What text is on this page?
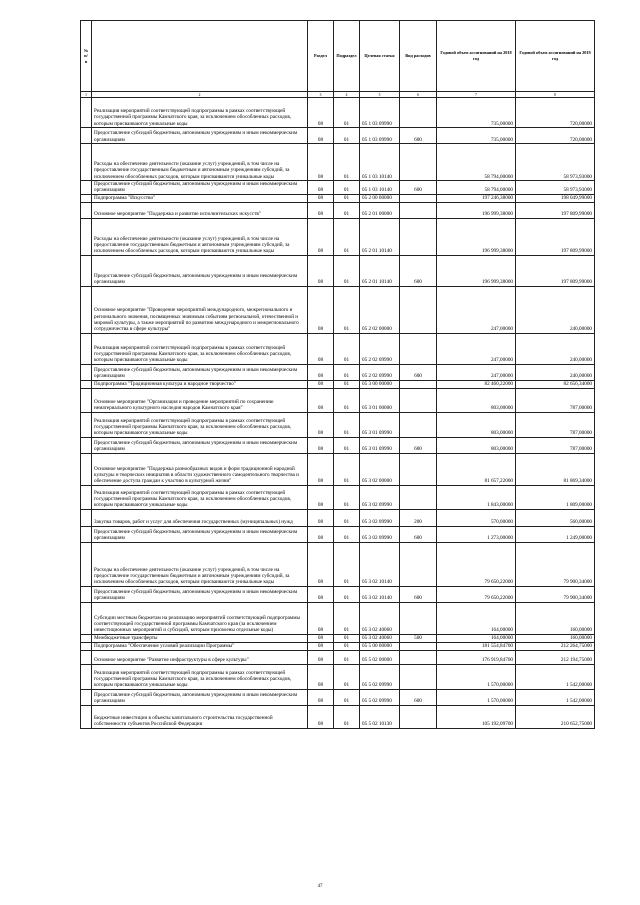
№ п/п		Раздел	Подраздел	Целевая статья	Вид расходов	Годовой объем ассигнований на 2018 год	Годовой объем ассигнований на 2019 год
1	2	3	4	5	6	7	8
	Реализация мероприятий соответствующей подпрограммы в рамках соответствующей государственной программы Камчатского края, за исключением обособленных расходов, которым присваиваются уникальные коды	08	01	05 1 03 09990		735,00000	720,00000
	Предоставление субсидий бюджетным, автономным учреждениям и иным некоммерческим организациям	08	01	05 1 03 09990	600	735,00000	720,00000
	Расходы на обеспечение деятельности (оказание услуг) учреждений, в том числе на предоставление государственным бюджетным и автономным учреждениям субсидий, за исключением обособленных расходов, которым присваиваются уникальные коды	08	01	05 1 03 10140		58 794,00000	58 973,93000
	Предоставление субсидий бюджетным, автономным учреждениям и иным некоммерческим организациям	08	01	05 1 03 10140	600	58 794,00000	58 973,93000
	Подпрограмма "Искусство"	08	01	05 2 00 00000		197 246,38000	198 049,99000
	Основное мероприятие "Поддержка и развитие исполнительских искусств"	08	01	05 2 01 00000		196 999,38000	197 809,99000
	Расходы на обеспечение деятельности (оказание услуг) учреждений, в том числе на предоставление государственным бюджетным и автономным учреждениям субсидий, за исключением обособленных расходов, которым присваиваются уникальные коды	08	01	05 2 01 10140		196 999,38000	197 809,99000
	Предоставление субсидий бюджетным, автономным учреждениям и иным некоммерческим организациям	08	01	05 2 01 10140	600	196 999,38000	197 809,99000
	Основное мероприятие "Проведение мероприятий международного, межрегионального и регионального значения, посвященных значимым событиям региональной, отечественной и мировой культуры, а также мероприятий по развитию международного и межрегионального сотрудничества в сфере культуры"	08	01	05 2 02 00000		247,00000	240,00000
	Реализация мероприятий соответствующей подпрограммы в рамках соответствующей государственной программы Камчатского края, за исключением обособленных расходов, которым присваиваются уникальные коды	08	01	05 2 02 09990		247,00000	240,00000
	Предоставление субсидий бюджетным, автономным учреждениям и иным некоммерческим организациям	08	01	05 2 02 09990	600	247,00000	240,00000
	Подпрограмма "Традиционная культура и народное творчество"	08	01	05 3 00 00000		82 460,22000	82 656,34000
	Основное мероприятие "Организация и проведение мероприятий по сохранению нематериального культурного наследия народов Камчатского края"	08	01	05 3 01 00000		803,00000	787,00000
	Реализация мероприятий соответствующей подпрограммы в рамках соответствующей государственной программы Камчатского края, за исключением обособленных расходов, которым присваиваются уникальные коды	08	01	05 3 01 09990		803,00000	787,00000
	Предоставление субсидий бюджетным, автономным учреждениям и иным некоммерческим организациям	08	01	05 3 01 09990	600	803,00000	787,00000
	Основное мероприятие "Поддержка разнообразных видов и форм традиционной народной культуры и творческих инициатив в области художественного самодеятельного творчества и обеспечение доступа граждан к участию в культурной жизни"	08	01	05 3 02 00000		81 657,22000	81 869,34000
	Реализация мероприятий соответствующей подпрограммы в рамках соответствующей государственной программы Камчатского края, за исключением обособленных расходов, которым присваиваются уникальные коды	08	01	05 3 02 09990		1 843,00000	1 809,00000
	Закупка товаров, работ и услуг для обеспечения государственных (муниципальных) нужд	08	01	05 3 02 09990	200	570,00000	560,00000
	Предоставление субсидий бюджетным, автономным учреждениям и иным некоммерческим организациям	08	01	05 3 02 09990	600	1 273,00000	1 249,00000
	Расходы на обеспечение деятельности (оказание услуг) учреждений, в том числе на предоставление государственным бюджетным и автономным учреждениям субсидий, за исключением обособленных расходов, которым присваиваются уникальные коды	08	01	05 3 02 10140		79 650,22000	79 900,34000
	Предоставление субсидий бюджетным, автономным учреждениям и иным некоммерческим организациям	08	01	05 3 02 10140	600	79 650,22000	79 900,34000
	Субсидии местным бюджетам на реализацию мероприятий соответствующей подпрограммы соответствующей государственной программы Камчатского края (за исключением инвестиционных мероприятий и субсидий, которым присвоены отдельные коды)	08	01	05 3 02 40060		164,00000	160,00000
	Межбюджетные трансферты	08	01	05 3 02 40060	500	164,00000	160,00000
	Подпрограмма "Обеспечение условий реализации Программы"	08	01	05 5 00 00000		181 554,84700	212 264,75000
	Основное мероприятие "Развитие инфраструктуры в сфере культуры"	08	01	05 5 02 00000		176 919,84700	212 194,75000
	Реализация мероприятий соответствующей подпрограммы в рамках соответствующей государственной программы Камчатского края, за исключением обособленных расходов, которым присваиваются уникальные коды	08	01	05 5 02 09990		1 570,00000	1 542,00000
	Предоставление субсидий бюджетным, автономным учреждениям и иным некоммерческим организациям	08	01	05 5 02 09990	600	1 570,00000	1 542,00000
	Бюджетные инвестиции в объекты капитального строительства государственной собственности субъектов Российской Федерации	08	01	05 5 02 10130		105 192,09700	210 652,75000
47
